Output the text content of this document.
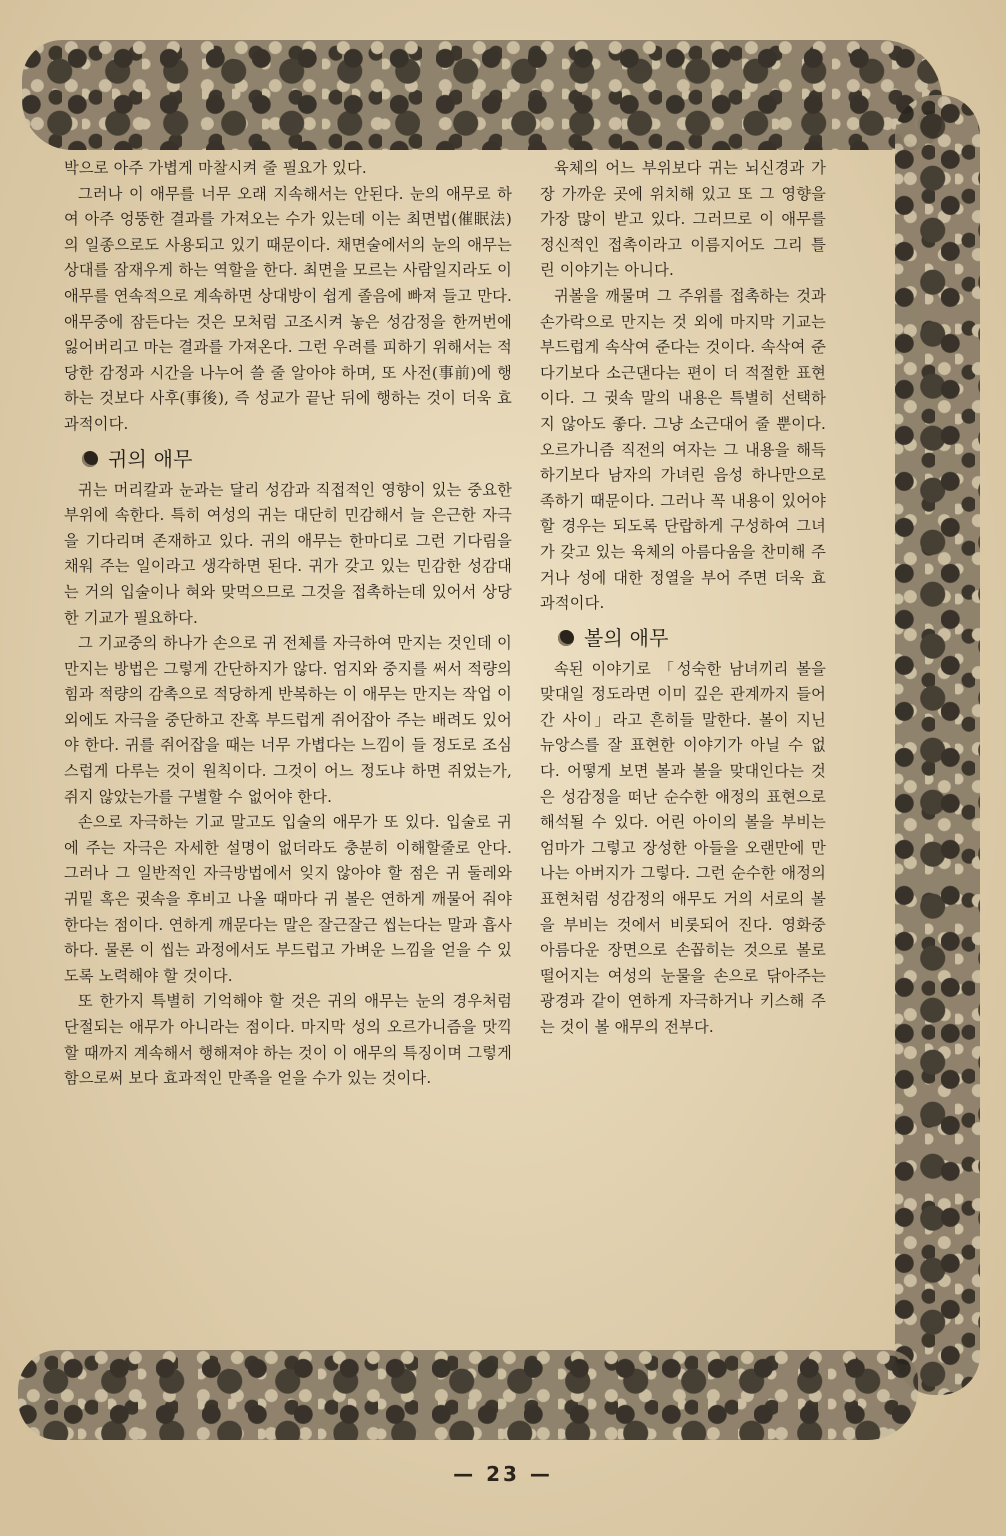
박으로 아주 가볍게 마찰시켜 줄 필요가 있다.

그러나 이 애무를 너무 오래 지속해서는 안된다. 눈의 애무로 하여 아주 엉뚱한 결과를 가져오는 수가 있는데 이는 최면법(催眠法)의 일종으로도 사용되고 있기 때문이다. 채면술에서의 눈의 애무는 상대를 잠재우게 하는 역할을 한다. 최면을 모르는 사람일지라도 이 애무를 연속적으로 계속하면 상대방이 쉽게 졸음에 빠져 들고 만다. 애무중에 잠든다는 것은 모처럼 고조시켜 놓은 성감정을 한꺼번에 잃어버리고 마는 결과를 가져온다. 그런 우려를 피하기 위해서는 적당한 감정과 시간을 나누어 쓸 줄 알아야 하며, 또 사전(事前)에 행하는 것보다 사후(事後), 즉 성교가 끝난 뒤에 행하는 것이 더욱 효과적이다.

귀의 애무

귀는 머리칼과 눈과는 달리 성감과 직접적인 영향이 있는 중요한 부위에 속한다. 특히 여성의 귀는 대단히 민감해서 늘 은근한 자극을 기다리며 존재하고 있다. 귀의 애무는 한마디로 그런 기다림을 채워 주는 일이라고 생각하면 된다. 귀가 갖고 있는 민감한 성감대는 거의 입술이나 혀와 맞먹으므로 그것을 접촉하는데 있어서 상당한 기교가 필요하다.

그 기교중의 하나가 손으로 귀 전체를 자극하여 만지는 것인데 이 만지는 방법은 그렇게 간단하지가 않다. 엄지와 중지를 써서 적량의 힘과 적량의 감촉으로 적당하게 반복하는 이 애무는 만지는 작업 이외에도 자극을 중단하고 잔혹 부드럽게 쥐어잡아 주는 배려도 있어야 한다. 귀를 쥐어잡을 때는 너무 가볍다는 느낌이 들 정도로 조심스럽게 다루는 것이 원칙이다. 그것이 어느 정도냐 하면 쥐었는가, 쥐지 않았는가를 구별할 수 없어야 한다.

손으로 자극하는 기교 말고도 입술의 애무가 또 있다. 입술로 귀에 주는 자극은 자세한 설명이 없더라도 충분히 이해할줄로 안다. 그러나 그 일반적인 자극방법에서 잊지 않아야 할 점은 귀 둘레와 귀밑 혹은 귓속을 후비고 나올 때마다 귀 볼은 연하게 깨물어 줘야 한다는 점이다. 연하게 깨문다는 말은 잘근잘근 씹는다는 말과 흡사하다. 물론 이 씹는 과정에서도 부드럽고 가벼운 느낌을 얻을 수 있도록 노력해야 할 것이다.

또 한가지 특별히 기억해야 할 것은 귀의 애무는 눈의 경우처럼 단절되는 애무가 아니라는 점이다. 마지막 성의 오르가니즘을 맛끽할 때까지 계속해서 행해져야 하는 것이 이 애무의 특징이며 그렇게 함으로써 보다 효과적인 만족을 얻을 수가 있는 것이다.

육체의 어느 부위보다 귀는 뇌신경과 가장 가까운 곳에 위치해 있고 또 그 영향을 가장 많이 받고 있다. 그러므로 이 애무를 정신적인 접촉이라고 이름지어도 그리 틀린 이야기는 아니다.

귀볼을 깨물며 그 주위를 접촉하는 것과 손가락으로 만지는 것 외에 마지막 기교는 부드럽게 속삭여 준다는 것이다. 속삭여 준다기보다 소근댄다는 편이 더 적절한 표현이다. 그 귓속 말의 내용은 특별히 선택하지 않아도 좋다. 그냥 소근대어 줄 뿐이다. 오르가니즘 직전의 여자는 그 내용을 해득하기보다 남자의 가녀린 음성 하나만으로 족하기 때문이다. 그러나 꼭 내용이 있어야 할 경우는 되도록 단랍하게 구성하여 그녀가 갖고 있는 육체의 아름다움을 찬미해 주거나 성에 대한 정열을 부어 주면 더욱 효과적이다.

볼의 애무

속된 이야기로 「성숙한 남녀끼리 볼을 맞대일 정도라면 이미 깊은 관계까지 들어간 사이」라고 흔히들 말한다. 볼이 지닌 뉴앙스를 잘 표현한 이야기가 아닐 수 없다. 어떻게 보면 볼과 볼을 맞대인다는 것은 성감정을 떠난 순수한 애정의 표현으로 해석될 수 있다. 어린 아이의 볼을 부비는 엄마가 그렇고 장성한 아들을 오랜만에 만나는 아버지가 그렇다. 그런 순수한 애정의 표현처럼 성감정의 애무도 거의 서로의 볼을 부비는 것에서 비롯되어 진다. 영화중 아름다운 장면으로 손꼽히는 것으로 볼로 떨어지는 여성의 눈물을 손으로 닦아주는 광경과 같이 연하게 자극하거나 키스해 주는 것이 볼 애무의 전부다.

— 23 —
